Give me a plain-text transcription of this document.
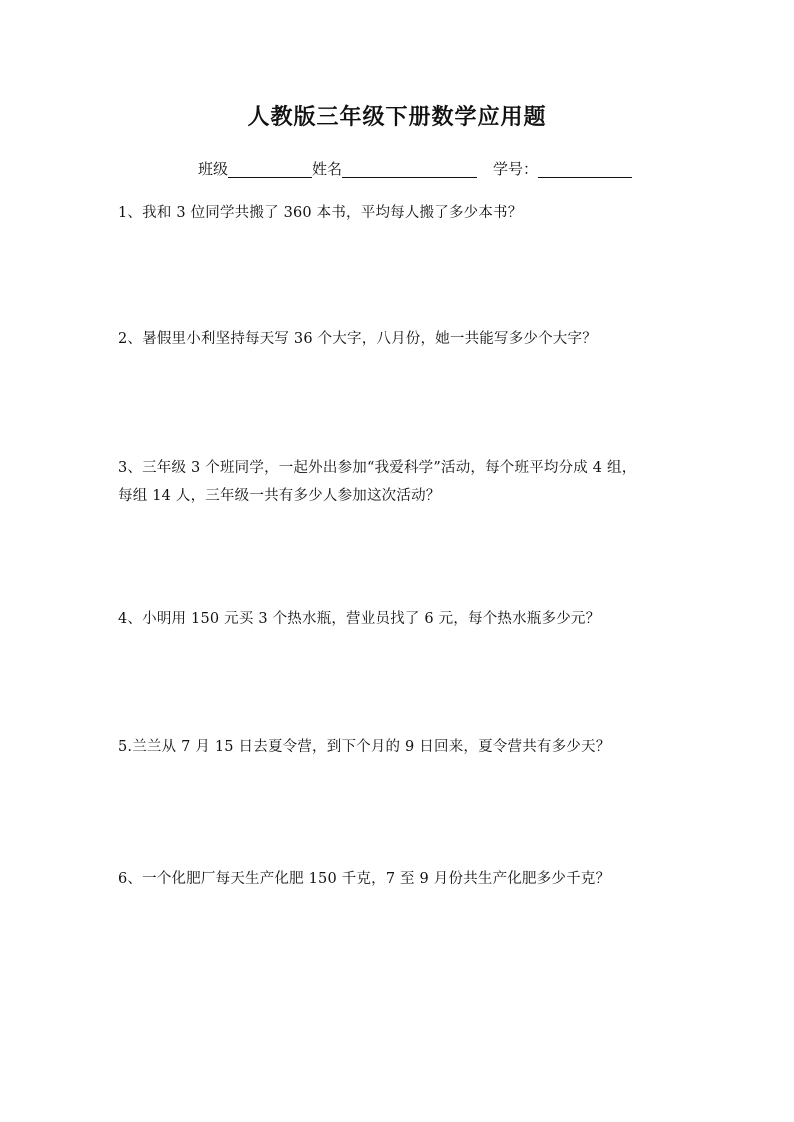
人教版三年级下册数学应用题
班级	姓名	学号：
1、我和 3 位同学共搬了 360 本书，平均每人搬了多少本书？
2、暑假里小利坚持每天写 36 个大字，八月份，她一共能写多少个大字？
3、三年级 3 个班同学，一起外出参加“我爱科学”活动，每个班平均分成 4 组，
每组 14 人，三年级一共有多少人参加这次活动？
4、小明用 150 元买 3 个热水瓶，营业员找了 6 元，每个热水瓶多少元？
5.兰兰从 7 月 15 日去夏令营，到下个月的 9 日回来，夏令营共有多少天？
6、一个化肥厂每天生产化肥 150 千克，7 至 9 月份共生产化肥多少千克？
